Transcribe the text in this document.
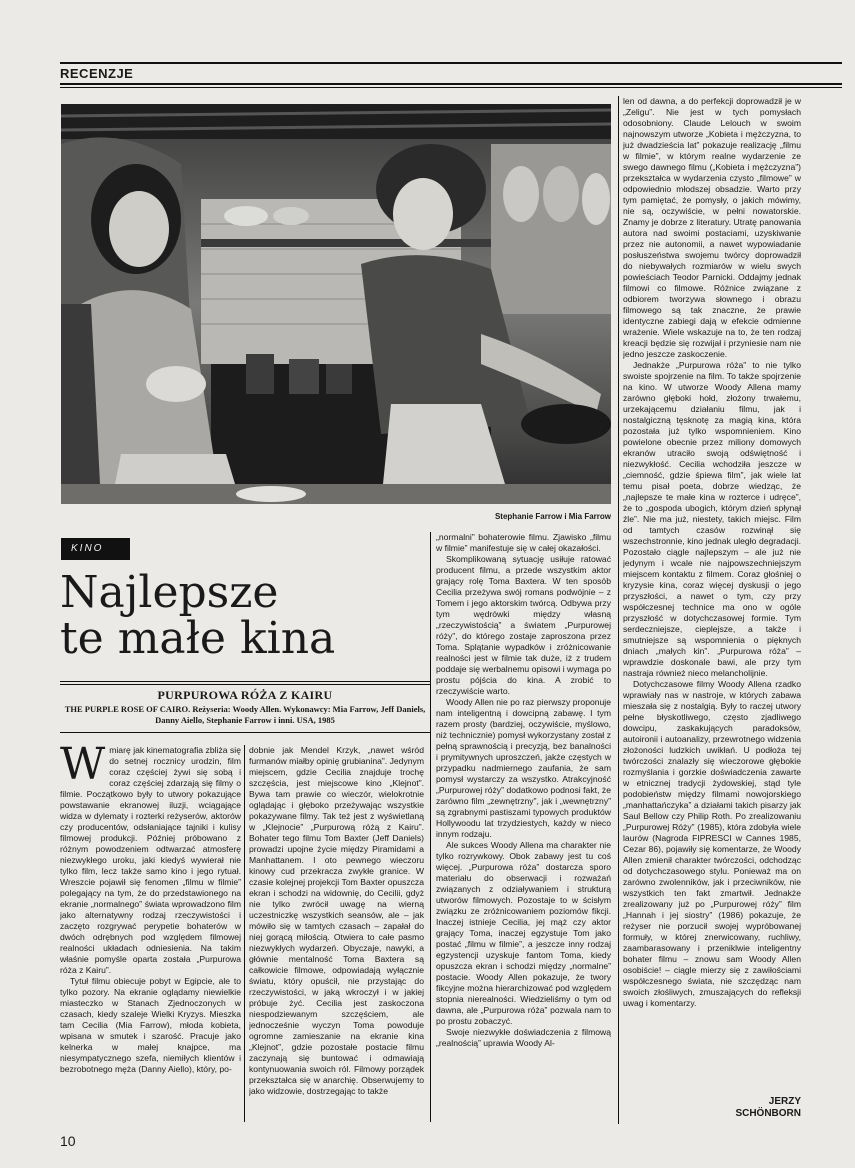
RECENZJE
Stephanie Farrow i Mia Farrow
KINO
Najlepsze
te małe kina
PURPUROWA RÓŻA Z KAIRU
THE PURPLE ROSE OF CAIRO. Reżyseria: Woody Allen. Wykonawcy: Mia Farrow, Jeff Daniels, Danny Aiello, Stephanie Farrow i inni. USA, 1985

Wmiarę jak kinematografia zbliża się do setnej rocznicy urodzin, film coraz częściej żywi się sobą i coraz częściej zdarzają się filmy o filmie. Początkowo były to utwory pokazujące powstawanie ekranowej iluzji, wciągające widza w dylematy i rozterki reżyserów, aktorów czy producentów, odsłaniające tajniki i kulisy filmowej produkcji. Później próbowano z różnym powodzeniem odtwarzać atmosferę niezwykłego uroku, jaki kiedyś wywierał nie tylko film, lecz także samo kino i jego rytuał. Wreszcie pojawił się fenomen „filmu w filmie” polegający na tym, że do przedstawionego na ekranie „normalnego” świata wprowadzono film jako alternatywny rodzaj rzeczywistości i zaczęto rozgrywać perypetie bohaterów w dwóch odrębnych pod względem filmowej realności układach odniesienia. Na takim właśnie pomyśle oparta została „Purpurowa róża z Kairu”.

Tytuł filmu obiecuje pobyt w Egipcie, ale to tylko pozory. Na ekranie oglądamy niewielkie miasteczko w Stanach Zjednoczonych w czasach, kiedy szaleje Wielki Kryzys. Mieszka tam Cecilia (Mia Farrow), młoda kobieta, wpisana w smutek i szarość. Pracuje jako kelnerka w małej knajpce, ma niesympatycznego szefa, niemiłych klientów i bezrobotnego męża (Danny Aiello), który, po-

dobnie jak Mendel Krzyk, „nawet wśród furmanów miałby opinię grubianina”. Jedynym miejscem, gdzie Cecilia znajduje trochę szczęścia, jest miejscowe kino „Klejnot”. Bywa tam prawie co wieczór, wielokrotnie oglądając i głęboko przeżywając wszystkie pokazywane filmy. Tak też jest z wyświetlaną w „Klejnocie” „Purpurową różą z Kairu”. Bohater tego filmu Tom Baxter (Jeff Daniels) prowadzi upojne życie między Piramidami a Manhattanem. I oto pewnego wieczoru kinowy cud przekracza zwykłe granice. W czasie kolejnej projekcji Tom Baxter opuszcza ekran i schodzi na widownię, do Cecilii, gdyż nie tylko zwrócił uwagę na wierną uczestniczkę wszystkich seansów, ale – jak mówiło się w tamtych czasach – zapałał do niej gorącą miłością. Otwiera to całe pasmo niezwykłych wydarzeń. Obyczaje, nawyki, a głównie mentalność Toma Baxtera są całkowicie filmowe, odpowiadają wyłącznie światu, który opuścił, nie przystając do rzeczywistości, w jaką wkroczył i w jakiej próbuje żyć. Cecilia jest zaskoczona niespodziewanym szczęściem, ale jednocześnie wyczyn Toma powoduje ogromne zamieszanie na ekranie kina „Klejnot”, gdzie pozostałe postacie filmu zaczynają się buntować i odmawiają kontynuowania swoich ról. Filmowy porządek przekształca się w anarchię. Obserwujemy to jako widzowie, dostrzegając to także

„normalni” bohaterowie filmu. Zjawisko „filmu w filmie” manifestuje się w całej okazałości.

Skomplikowaną sytuację usiłuje ratować producent filmu, a przede wszystkim aktor grający rolę Toma Baxtera. W ten sposób Cecilia przeżywa swój romans podwójnie – z Tomem i jego aktorskim twórcą. Odbywa przy tym wędrówki między własną „rzeczywistością” a światem „Purpurowej róży”, do którego zostaje zaproszona przez Toma. Splątanie wypadków i zróżnicowanie realności jest w filmie tak duże, iż z trudem poddaje się werbalnemu opisowi i wymaga po prostu pójścia do kina. A zrobić to rzeczywiście warto.

Woody Allen nie po raz pierwszy proponuje nam inteligentną i dowcipną zabawę. I tym razem prosty (bardziej, oczywiście, myślowo, niż technicznie) pomysł wykorzystany został z pełną sprawnością i precyzją, bez banalności i prymitywnych uproszczeń, jakże częstych w przypadku nadmiernego zaufania, że sam pomysł wystarczy za wszystko. Atrakcyjność „Purpurowej róży” dodatkowo podnosi fakt, że zarówno film „zewnętrzny”, jak i „wewnętrzny” są zgrabnymi pastiszami typowych produktów Hollywoodu lat trzydziestych, każdy w nieco innym rodzaju.

Ale sukces Woody Allena ma charakter nie tylko rozrywkowy. Obok zabawy jest tu coś więcej. „Purpurowa róża” dostarcza sporo materiału do obserwacji i rozważań związanych z odziaływaniem i strukturą utworów filmowych. Pozostaje to w ścisłym związku ze zróżnicowaniem poziomów fikcji. Inaczej istnieje Cecilia, jej mąż czy aktor grający Toma, inaczej egzystuje Tom jako postać „filmu w filmie”, a jeszcze inny rodzaj egzystencji uzyskuje fantom Toma, kiedy opuszcza ekran i schodzi między „normalne” postacie. Woody Allen pokazuje, że twory fikcyjne można hierarchizować pod względem stopnia nierealności. Wiedzieliśmy o tym od dawna, ale „Purpurowa róża” pozwala nam to po prostu zobaczyć.

Swoje niezwykłe doświadczenia z filmową „realnością” uprawia Woody Al-

len od dawna, a do perfekcji doprowadził je w „Zeligu”. Nie jest w tych pomysłach odosobniony. Claude Lelouch w swoim najnowszym utworze „Kobieta i mężczyzna, to już dwadzieścia lat” pokazuje realizację „filmu w filmie”, w którym realne wydarzenie ze swego dawnego filmu („Kobieta i mężczyzna”) przekształca w wydarzenia czysto „filmowe” w odpowiednio młodszej obsadzie. Warto przy tym pamiętać, że pomysły, o jakich mówimy, nie są, oczywiście, w pełni nowatorskie. Znamy je dobrze z literatury. Utratę panowania autora nad swoimi postaciami, uzyskiwanie przez nie autonomii, a nawet wypowiadanie posłuszeństwa swojemu twórcy doprowadził do niebywałych rozmiarów w wielu swych powieściach Teodor Parnicki. Oddajmy jednak filmowi co filmowe. Różnice związane z odbiorem tworzywa słownego i obrazu filmowego są tak znaczne, że prawie identyczne zabiegi dają w efekcie odmienne wrażenie. Wiele wskazuje na to, że ten rodzaj kreacji będzie się rozwijał i przyniesie nam nie jedno jeszcze zaskoczenie.

Jednakże „Purpurowa róża” to nie tylko swoiste spojrzenie na film. To także spojrzenie na kino. W utworze Woody Allena mamy zarówno głęboki hołd, złożony trwałemu, urzekającemu działaniu filmu, jak i nostalgiczną tęsknotę za magią kina, która pozostała już tylko wspomnieniem. Kino powielone obecnie przez miliony domowych ekranów utraciło swoją odświętność i niezwykłość. Cecilia wchodziła jeszcze w „ciemność, gdzie śpiewa film”, jak wiele lat temu pisał poeta, dobrze wiedząc, że „najlepsze te małe kina w rozterce i udręce”, że to „gospoda ubogich, którym dzień spłynął źle”. Nie ma już, niestety, takich miejsc. Film od tamtych czasów rozwinął się wszechstronnie, kino jednak uległo degradacji. Pozostało ciągle najlepszym – ale już nie jedynym i wcale nie najpowszechniejszym miejscem kontaktu z filmem. Coraz głośniej o kryzysie kina, coraz więcej dyskusji o jego przyszłości, a nawet o tym, czy przy współczesnej technice ma ono w ogóle przyszłość w dotychczasowej formie. Tym serdeczniejsze, cieplejsze, a także i smutniejsze są wspomnienia o pięknych dniach „małych kin”. „Purpurowa róża” – wprawdzie doskonale bawi, ale przy tym nastraja również nieco melancholijnie.

Dotychczasowe filmy Woody Allena rzadko wprawiały nas w nastroje, w których zabawa mieszała się z nostalgią. Były to raczej utwory pełne błyskotliwego, często zjadliwego dowcipu, zaskakujących paradoksów, autoironii i autoanalizy, przewrotnego widzenia złożoności ludzkich uwikłań. U podłoża tej twórczości znalazły się wieczorowe głębokie rozmyślania i gorzkie doświadczenia zawarte w etnicznej tradycji żydowskiej, stąd tyle podobieństw między filmami nowojorskiego „manhattańczyka” a działami takich pisarzy jak Saul Bellow czy Philip Roth. Po zrealizowaniu „Purpurowej Róży” (1985), która zdobyła wiele laurów (Nagroda FIPRESCI w Cannes 1985, Cezar 86), pojawiły się komentarze, że Woody Allen zmienił charakter twórczości, odchodząc od dotychczasowego stylu. Ponieważ ma on zarówno zwolenników, jak i przeciwników, nie wszystkich ten fakt zmartwił. Jednakże zrealizowany już po „Purpurowej róży” film „Hannah i jej siostry” (1986) pokazuje, że reżyser nie porzucił swojej wypróbowanej formuły, w której znerwicowany, ruchliwy, zaambarasowany i przeniklwie inteligentny bohater filmu – znowu sam Woody Allen osobiście! – ciągle mierzy się z zawiłościami współczesnego świata, nie szczędząc nam swoich złośliwych, zmuszających do refleksji uwag i komentarzy.

JERZY
SCHÖNBORN
10
